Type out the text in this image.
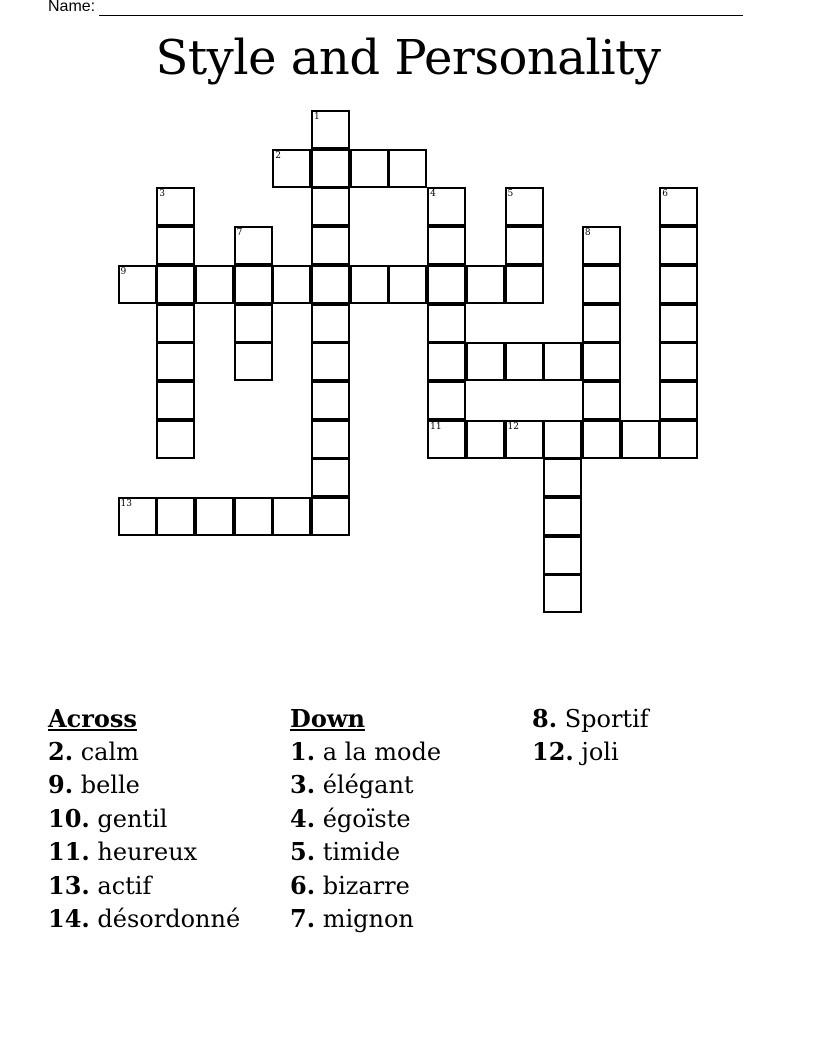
Name:
Style and Personality
1
2
3	4
11
5	6
7	8
9
12
13
Across
2. calm
9. belle
10. gentil
11. heureux
13. actif
14. désordonné
Down
1. a la mode
3. élégant
4. égoïste
5. timide
6. bizarre
7. mignon
8. Sportif
12. joli
